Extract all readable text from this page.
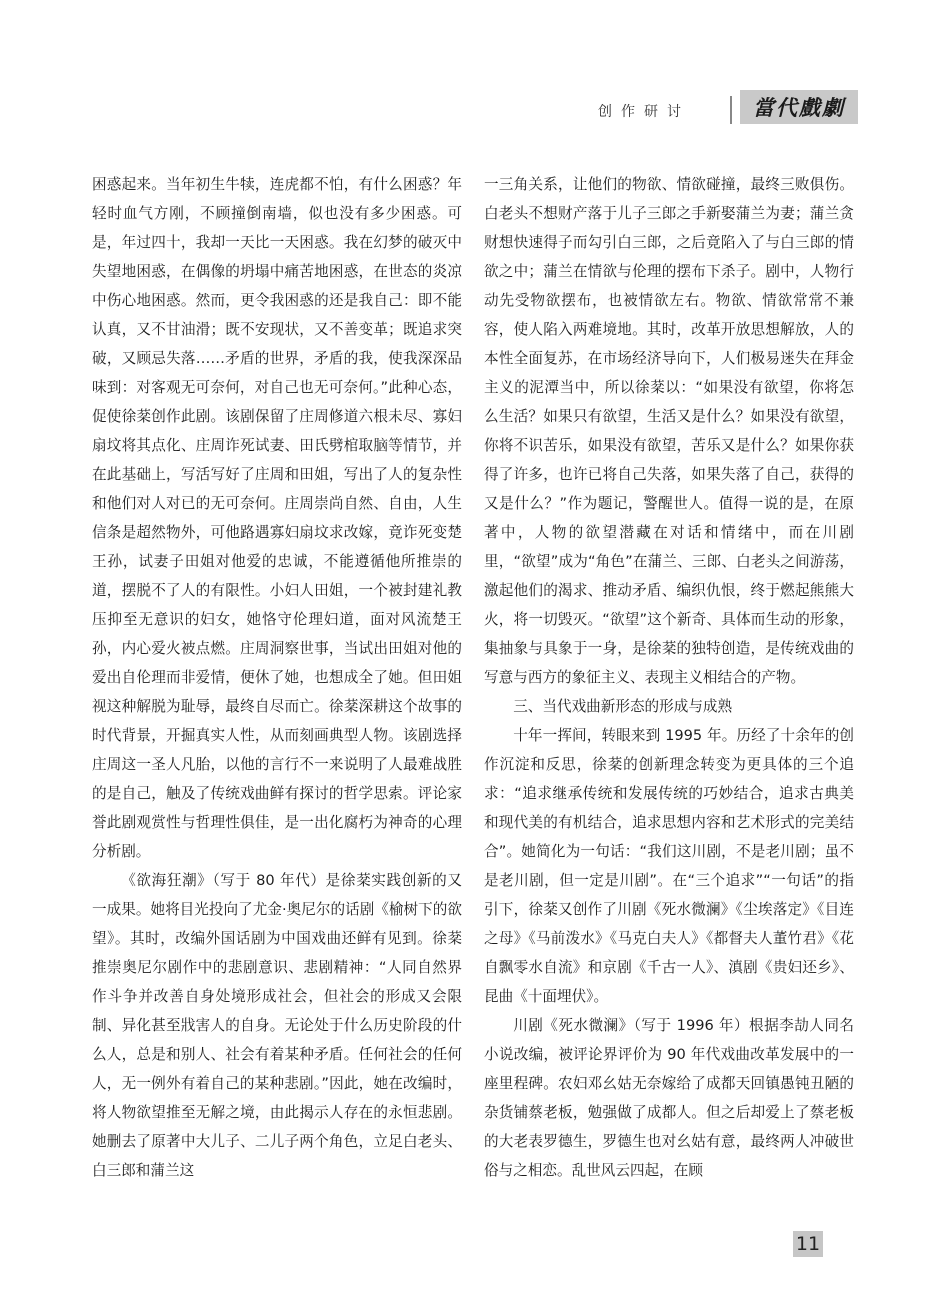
创作研讨	當代戲劇

困惑起来。当年初生牛犊，连虎都不怕，有什么困惑？年轻时血气方刚，不顾撞倒南墙，似也没有多少困惑。可是，年过四十，我却一天比一天困惑。我在幻梦的破灭中失望地困惑，在偶像的坍塌中痛苦地困惑，在世态的炎凉中伤心地困惑。然而，更令我困惑的还是我自己：即不能认真，又不甘油滑；既不安现状，又不善变革；既追求突破，又顾忌失落……矛盾的世界，矛盾的我，使我深深品味到：对客观无可奈何，对自己也无可奈何。”此种心态，促使徐棻创作此剧。该剧保留了庄周修道六根未尽、寡妇扇坟将其点化、庄周诈死试妻、田氏劈棺取脑等情节，并在此基础上，写活写好了庄周和田姐，写出了人的复杂性和他们对人对已的无可奈何。庄周崇尚自然、自由，人生信条是超然物外，可他路遇寡妇扇坟求改嫁，竟诈死变楚王孙，试妻子田姐对他爱的忠诚，不能遵循他所推崇的道，摆脱不了人的有限性。小妇人田姐，一个被封建礼教压抑至无意识的妇女，她恪守伦理妇道，面对风流楚王孙，内心爱火被点燃。庄周洞察世事，当试出田姐对他的爱出自伦理而非爱情，便休了她，也想成全了她。但田姐视这种解脱为耻辱，最终自尽而亡。徐棻深耕这个故事的时代背景，开掘真实人性，从而刻画典型人物。该剧选择庄周这一圣人凡胎，以他的言行不一来说明了人最难战胜的是自己，触及了传统戏曲鲜有探讨的哲学思索。评论家誉此剧观赏性与哲理性俱佳，是一出化腐朽为神奇的心理分析剧。

《欲海狂潮》（写于 80 年代）是徐棻实践创新的又一成果。她将目光投向了尤金·奥尼尔的话剧《榆树下的欲望》。其时，改编外国话剧为中国戏曲还鲜有见到。徐棻推崇奥尼尔剧作中的悲剧意识、悲剧精神：“人同自然界作斗争并改善自身处境形成社会，但社会的形成又会限制、异化甚至戕害人的自身。无论处于什么历史阶段的什么人，总是和别人、社会有着某种矛盾。任何社会的任何人，无一例外有着自己的某种悲剧。”因此，她在改编时，将人物欲望推至无解之境，由此揭示人存在的永恒悲剧。她删去了原著中大儿子、二儿子两个角色，立足白老头、白三郎和蒲兰这

一三角关系，让他们的物欲、情欲碰撞，最终三败俱伤。白老头不想财产落于儿子三郎之手新娶蒲兰为妻；蒲兰贪财想快速得子而勾引白三郎，之后竟陷入了与白三郎的情欲之中；蒲兰在情欲与伦理的摆布下杀子。剧中，人物行动先受物欲摆布，也被情欲左右。物欲、情欲常常不兼容，使人陷入两难境地。其时，改革开放思想解放，人的本性全面复苏，在市场经济导向下，人们极易迷失在拜金主义的泥潭当中，所以徐棻以：“如果没有欲望，你将怎么生活？如果只有欲望，生活又是什么？如果没有欲望，你将不识苦乐，如果没有欲望，苦乐又是什么？如果你获得了许多，也许已将自己失落，如果失落了自己，获得的又是什么？”作为题记，警醒世人。值得一说的是，在原著中，人物的欲望潜藏在对话和情绪中，而在川剧里，“欲望”成为“角色”在蒲兰、三郎、白老头之间游荡，激起他们的渴求、推动矛盾、编织仇恨，终于燃起熊熊大火，将一切毁灭。“欲望”这个新奇、具体而生动的形象，集抽象与具象于一身，是徐棻的独特创造，是传统戏曲的写意与西方的象征主义、表现主义相结合的产物。

三、当代戏曲新形态的形成与成熟

十年一挥间，转眼来到 1995 年。历经了十余年的创作沉淀和反思，徐棻的创新理念转变为更具体的三个追求：“追求继承传统和发展传统的巧妙结合，追求古典美和现代美的有机结合，追求思想内容和艺术形式的完美结合”。她简化为一句话：“我们这川剧，不是老川剧；虽不是老川剧，但一定是川剧”。在“三个追求”“一句话”的指引下，徐棻又创作了川剧《死水微澜》《尘埃落定》《目连之母》《马前泼水》《马克白夫人》《都督夫人董竹君》《花自飘零水自流》和京剧《千古一人》、滇剧《贵妇还乡》、昆曲《十面埋伏》。

川剧《死水微澜》（写于 1996 年）根据李劼人同名小说改编，被评论界评价为 90 年代戏曲改革发展中的一座里程碑。农妇邓幺姑无奈嫁给了成都天回镇愚钝丑陋的杂货铺蔡老板，勉强做了成都人。但之后却爱上了蔡老板的大老表罗德生，罗德生也对幺姑有意，最终两人冲破世俗与之相恋。乱世风云四起，在顾

11
